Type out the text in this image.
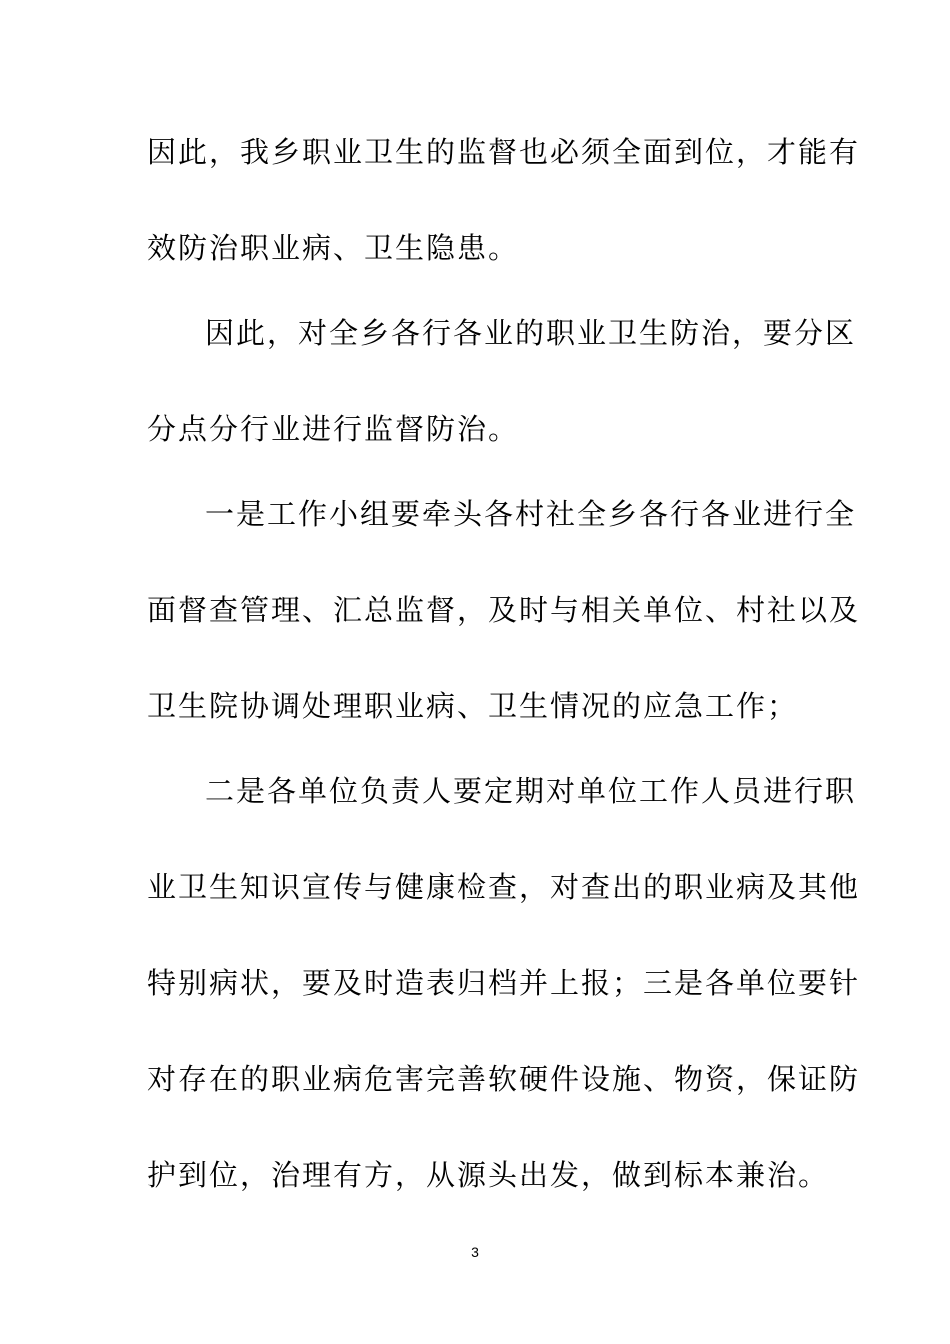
因此，我乡职业卫生的监督也必须全面到位，才能有
效防治职业病、卫生隐患。
因此，对全乡各行各业的职业卫生防治，要分区
分点分行业进行监督防治。
一是工作小组要牵头各村社全乡各行各业进行全
面督查管理、汇总监督，及时与相关单位、村社以及
卫生院协调处理职业病、卫生情况的应急工作；
二是各单位负责人要定期对单位工作人员进行职
业卫生知识宣传与健康检查，对查出的职业病及其他
特别病状，要及时造表归档并上报；三是各单位要针
对存在的职业病危害完善软硬件设施、物资，保证防
护到位，治理有方，从源头出发，做到标本兼治。
3
